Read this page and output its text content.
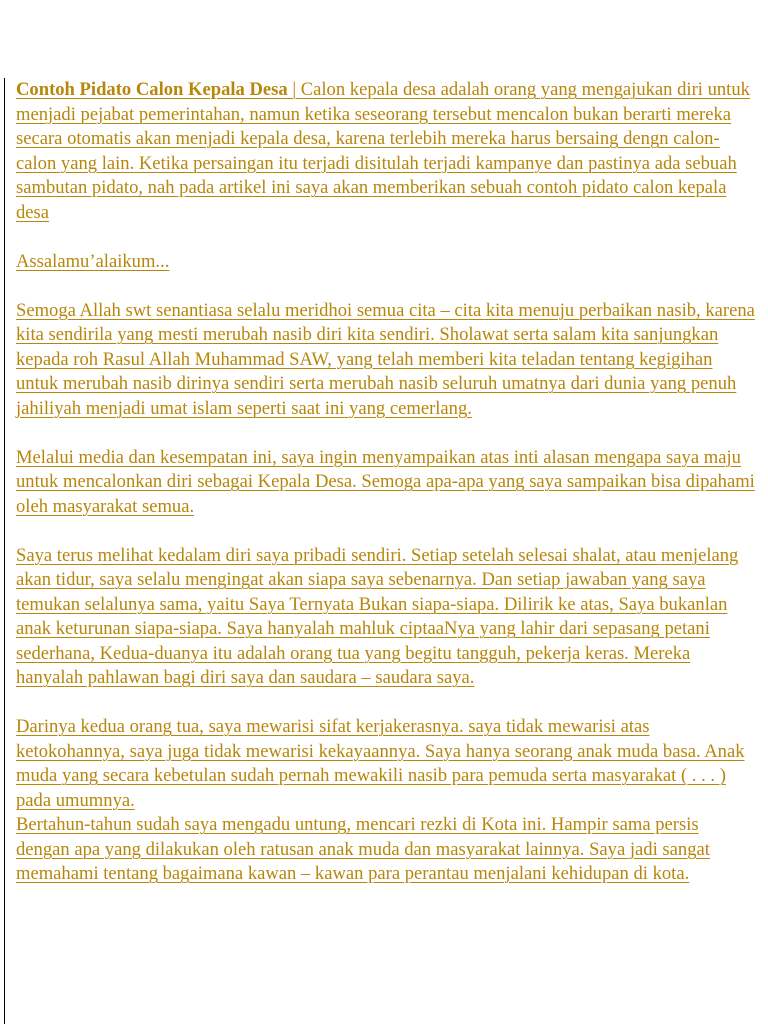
Contoh Pidato Calon Kepala Desa | Calon kepala desa adalah orang yang mengajukan diri untuk menjadi pejabat pemerintahan, namun ketika seseorang tersebut mencalon bukan berarti mereka secara otomatis akan menjadi kepala desa, karena terlebih mereka harus bersaing dengn calon-calon yang lain. Ketika persaingan itu terjadi disitulah terjadi kampanye dan pastinya ada sebuah sambutan pidato, nah pada artikel ini saya akan memberikan sebuah contoh pidato calon kepala desa

Assalamu’alaikum...

Semoga Allah swt senantiasa selalu meridhoi semua cita – cita kita menuju perbaikan nasib, karena kita sendirila yang mesti merubah nasib diri kita sendiri. Sholawat serta salam kita sanjungkan kepada roh Rasul Allah Muhammad SAW, yang telah memberi kita teladan tentang kegigihan untuk merubah nasib dirinya sendiri serta merubah nasib seluruh umatnya dari dunia yang penuh jahiliyah menjadi umat islam seperti saat ini yang cemerlang.

Melalui media dan kesempatan ini, saya ingin menyampaikan atas inti alasan mengapa saya maju untuk mencalonkan diri sebagai Kepala Desa. Semoga apa-apa yang saya sampaikan bisa dipahami oleh masyarakat semua.

Saya terus melihat kedalam diri saya pribadi sendiri. Setiap setelah selesai shalat, atau menjelang akan tidur, saya selalu mengingat akan siapa saya sebenarnya. Dan setiap jawaban yang saya temukan selalunya sama, yaitu Saya Ternyata Bukan siapa-siapa. Dilirik ke atas, Saya bukanlan anak keturunan siapa-siapa. Saya hanyalah mahluk ciptaaNya yang lahir dari sepasang petani sederhana, Kedua-duanya itu adalah orang tua yang begitu tangguh, pekerja keras. Mereka hanyalah pahlawan bagi diri saya dan saudara – saudara saya.

Darinya kedua orang tua, saya mewarisi sifat kerjakerasnya. saya tidak mewarisi atas ketokohannya, saya juga tidak mewarisi kekayaannya. Saya hanya seorang anak muda basa. Anak muda yang secara kebetulan sudah pernah mewakili nasib para pemuda serta masyarakat ( . . . ) pada umumnya.

Bertahun-tahun sudah saya mengadu untung, mencari rezki di Kota ini. Hampir sama persis dengan apa yang dilakukan oleh ratusan anak muda dan masyarakat lainnya. Saya jadi sangat memahami tentang bagaimana kawan – kawan para perantau menjalani kehidupan di kota.
